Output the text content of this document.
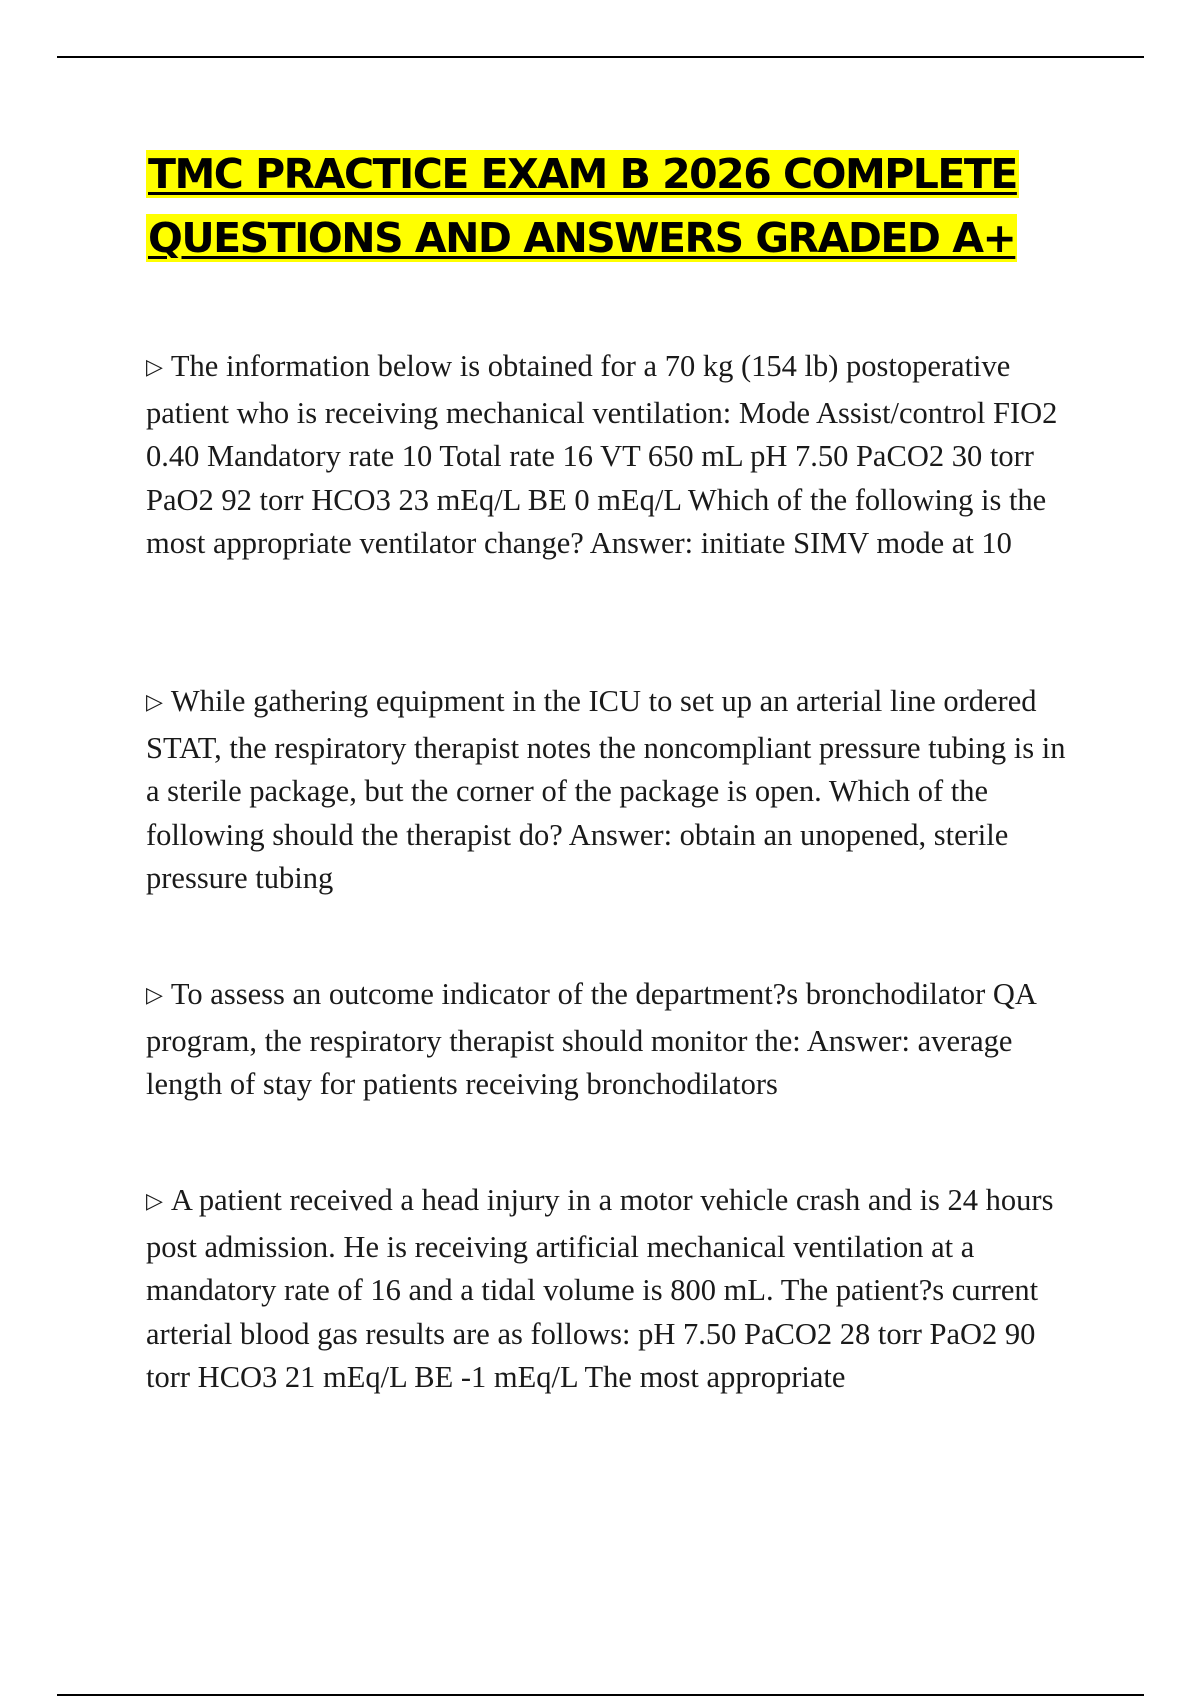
TMC PRACTICE EXAM B 2026 COMPLETE QUESTIONS AND ANSWERS GRADED A+
▷ The information below is obtained for a 70 kg (154 lb) postoperative patient who is receiving mechanical ventilation: Mode Assist/control FIO2 0.40 Mandatory rate 10 Total rate 16 VT 650 mL pH 7.50 PaCO2 30 torr PaO2 92 torr HCO3 23 mEq/L BE 0 mEq/L Which of the following is the most appropriate ventilator change? Answer: initiate SIMV mode at 10
▷ While gathering equipment in the ICU to set up an arterial line ordered STAT, the respiratory therapist notes the noncompliant pressure tubing is in a sterile package, but the corner of the package is open. Which of the following should the therapist do? Answer: obtain an unopened, sterile pressure tubing
▷ To assess an outcome indicator of the department?s bronchodilator QA program, the respiratory therapist should monitor the: Answer: average length of stay for patients receiving bronchodilators
▷ A patient received a head injury in a motor vehicle crash and is 24 hours post admission. He is receiving artificial mechanical ventilation at a mandatory rate of 16 and a tidal volume is 800 mL. The patient?s current arterial blood gas results are as follows: pH 7.50 PaCO2 28 torr PaO2 90 torr HCO3 21 mEq/L BE -1 mEq/L The most appropriate
